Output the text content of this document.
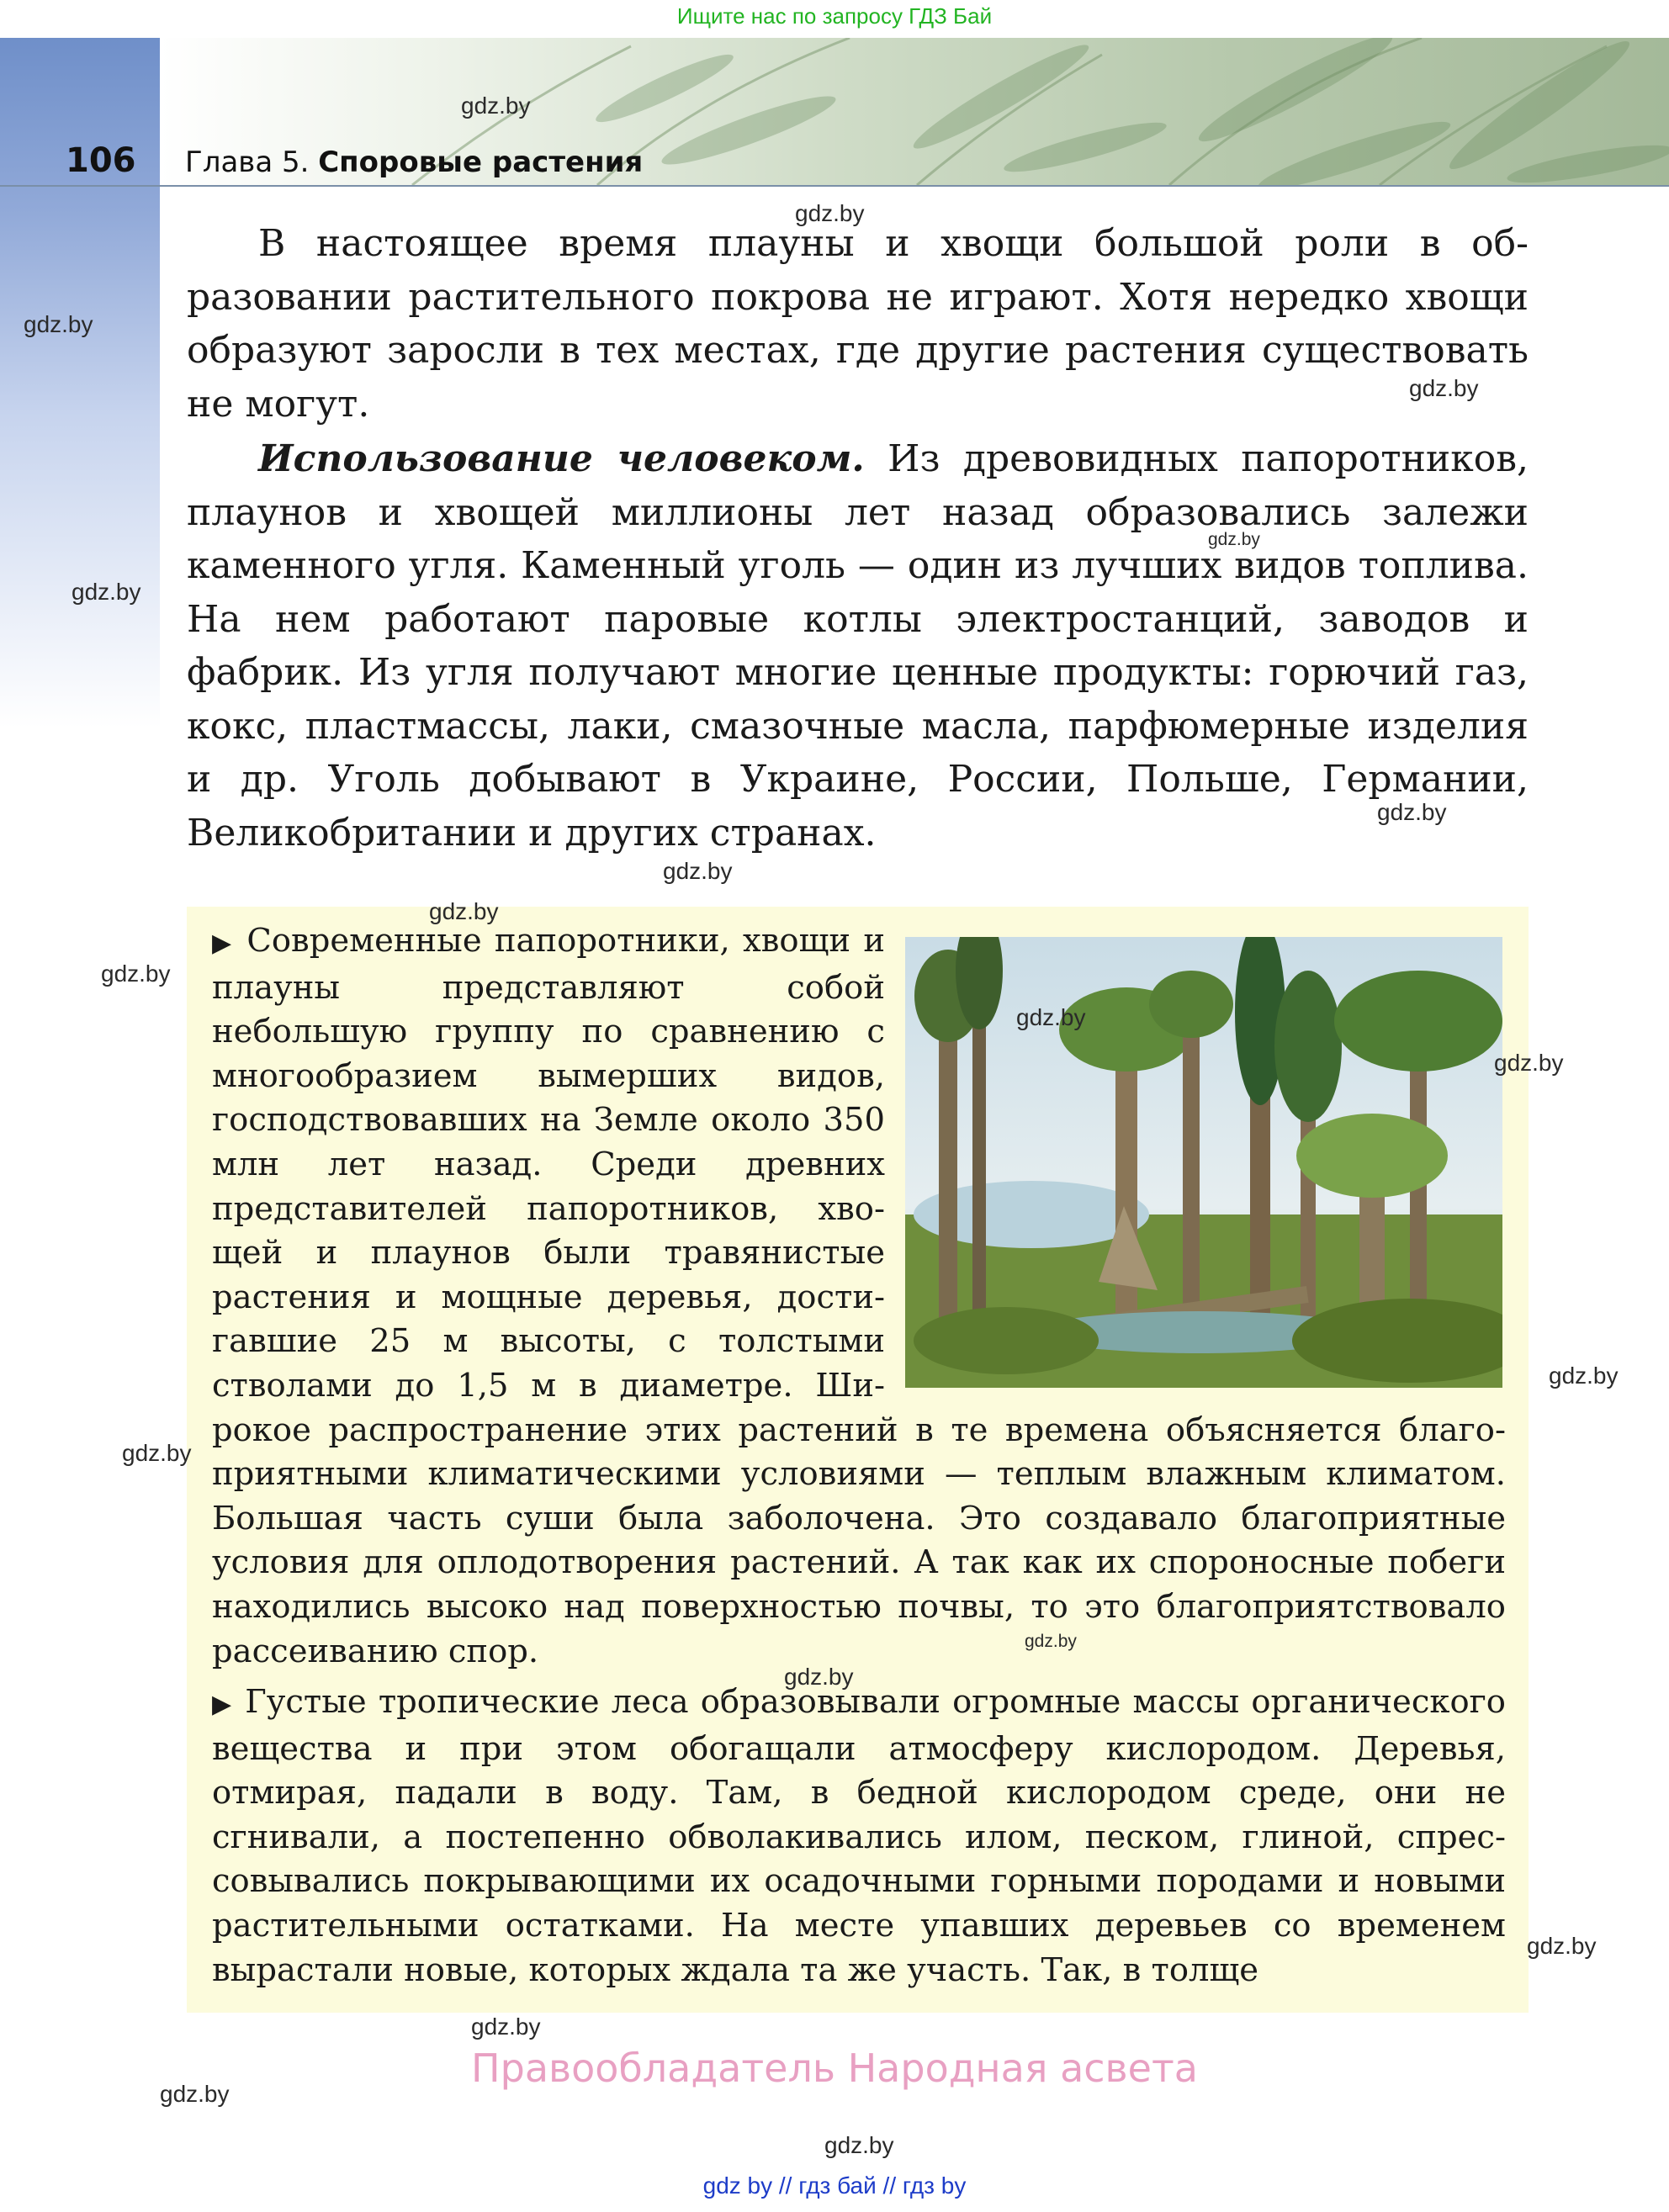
Ищите нас по запросу ГДЗ Бай
106 Глава 5. Споровые растения

В настоящее время плауны и хвощи большой роли в образовании растительного покрова не играют. Хотя нередко хвощи образуют заросли в тех местах, где другие растения существовать не могут.

Использование человеком. Из древовидных папоротников, плаунов и хвощей миллионы лет назад образовались залежи каменного угля. Каменный уголь — один из лучших видов топлива. На нем работают паровые котлы электростанций, заводов и фабрик. Из угля получают многие ценные продукты: горючий газ, кокс, пластмассы, лаки, смазочные масла, парфюмерные изделия и др. Уголь добывают в Украине, России, Польше, Германии, Великобритании и других странах.

▶ Современные папоротники, хвощи и плауны представляют собой небольшую группу по сравнению с многообразием вымерших видов, господствовавших на Земле около 350 млн лет назад. Среди древних представителей папоротников, хвощей и плаунов были травянистые растения и мощные деревья, достигавшие 25 м высоты, с толстыми стволами до 1,5 м в диаметре. Широкое распространение этих растений в те времена объясняется благоприятными климатическими условиями — теплым влажным климатом. Большая часть суши была заболочена. Это создавало благоприятные условия для оплодотворения растений. А так как их спороносные побеги находились высоко над поверхностью почвы, то это благоприятствовало рассеиванию спор.

▶ Густые тропические леса образовывали огромные массы органического вещества и при этом обогащали атмосферу кислородом. Деревья, отмирая, падали в воду. Там, в бедной кислородом среде, они не сгнивали, а постепенно обволакивались илом, песком, глиной, спрессовывались покрывающими их осадочными горными породами и новыми растительными остатками. На месте упавших деревьев со временем вырастали новые, которых ждала та же участь. Так, в толще

Правообладатель Народная асвета
gdz by // гдз бай // гдз by
gdz.by
gdz.by
gdz.by
gdz.by
gdz.by
gdz.by
gdz.by
gdz.by
gdz.by
gdz.by
gdz.by
gdz.by
gdz.by
gdz.by
gdz.by
gdz.by
gdz.by
gdz.by
gdz.by
gdz.by
